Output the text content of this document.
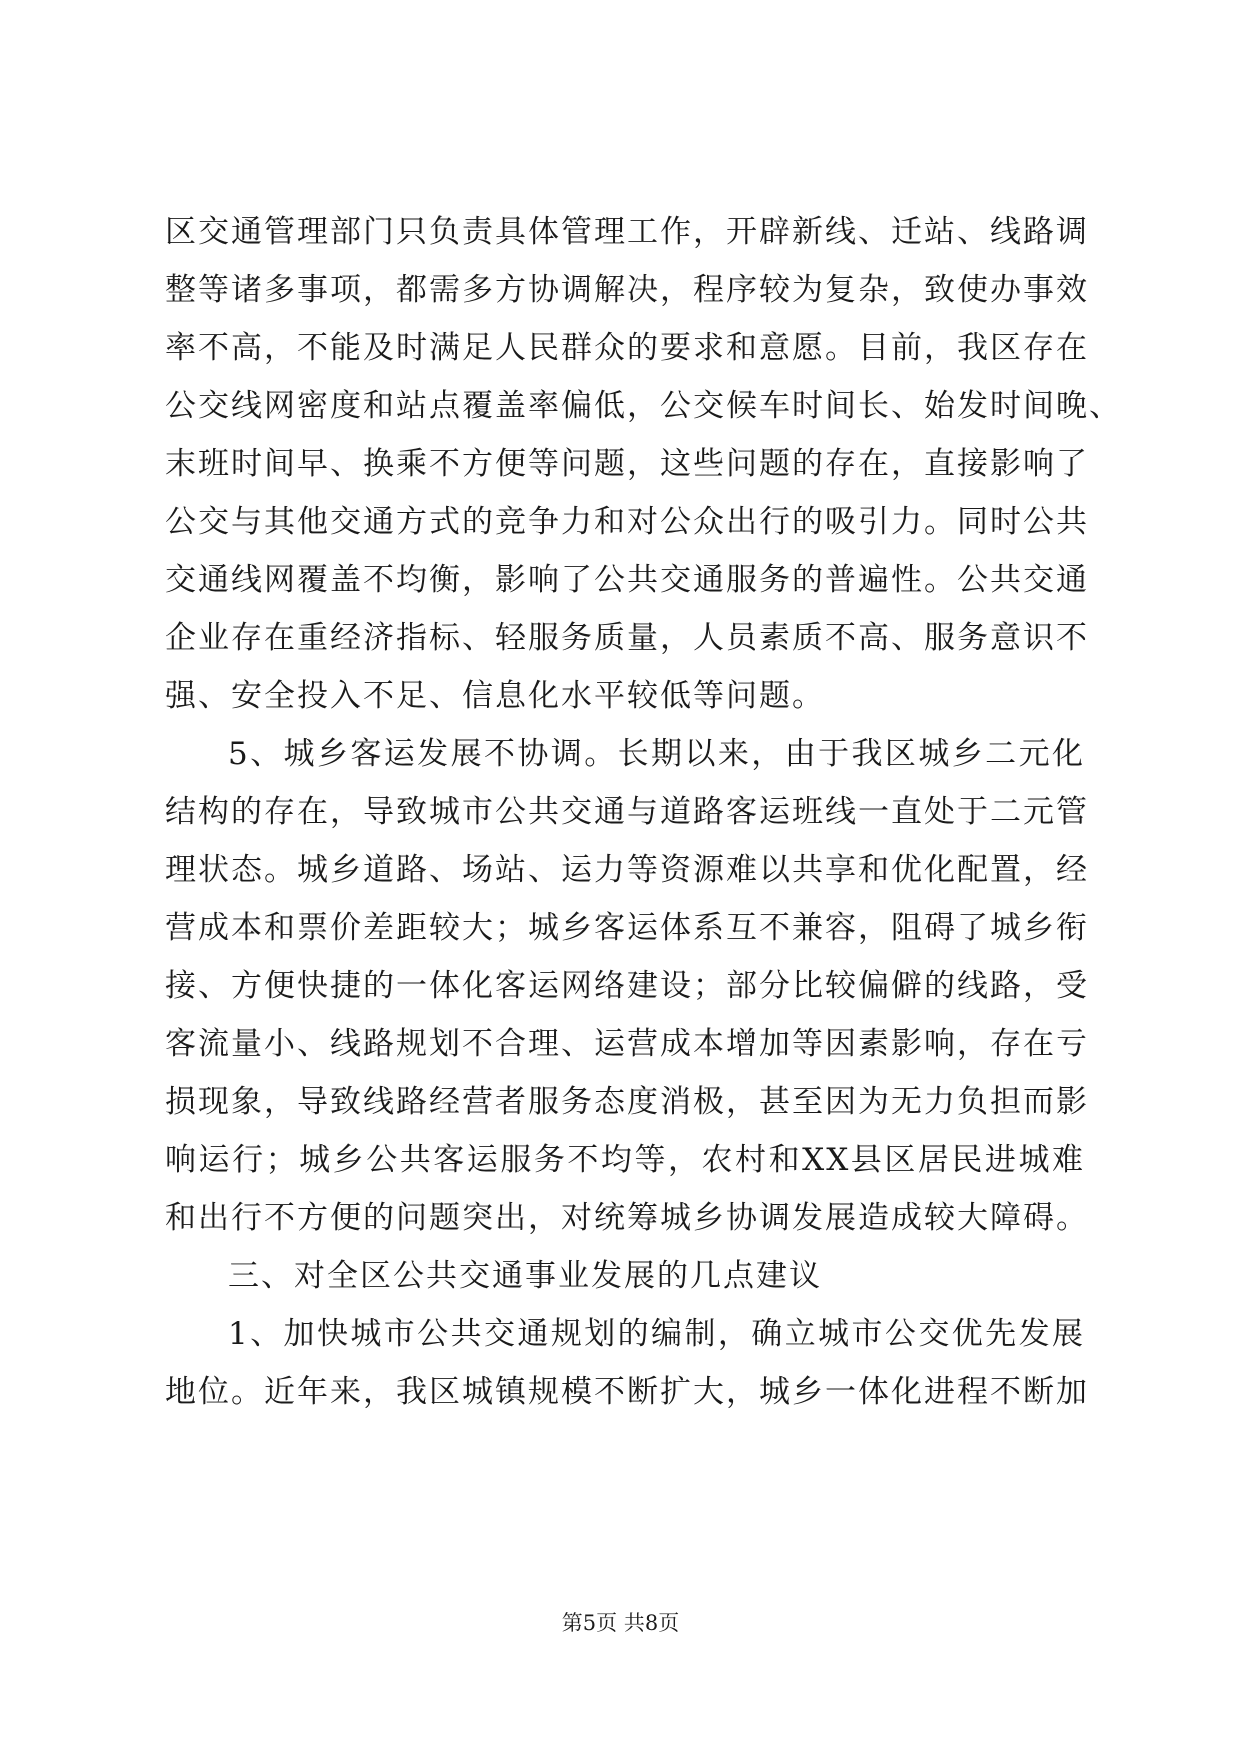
区交通管理部门只负责具体管理工作，开辟新线、迁站、线路调
整等诸多事项，都需多方协调解决，程序较为复杂，致使办事效
率不高，不能及时满足人民群众的要求和意愿。目前，我区存在
公交线网密度和站点覆盖率偏低，公交候车时间长、始发时间晚、
末班时间早、换乘不方便等问题，这些问题的存在，直接影响了
公交与其他交通方式的竞争力和对公众出行的吸引力。同时公共
交通线网覆盖不均衡，影响了公共交通服务的普遍性。公共交通
企业存在重经济指标、轻服务质量，人员素质不高、服务意识不
强、安全投入不足、信息化水平较低等问题。
5、城乡客运发展不协调。长期以来，由于我区城乡二元化
结构的存在，导致城市公共交通与道路客运班线一直处于二元管
理状态。城乡道路、场站、运力等资源难以共享和优化配置，经
营成本和票价差距较大；城乡客运体系互不兼容，阻碍了城乡衔
接、方便快捷的一体化客运网络建设；部分比较偏僻的线路，受
客流量小、线路规划不合理、运营成本增加等因素影响，存在亏
损现象，导致线路经营者服务态度消极，甚至因为无力负担而影
响运行；城乡公共客运服务不均等，农村和XX县区居民进城难
和出行不方便的问题突出，对统筹城乡协调发展造成较大障碍。
三、对全区公共交通事业发展的几点建议
1、加快城市公共交通规划的编制，确立城市公交优先发展
地位。近年来，我区城镇规模不断扩大，城乡一体化进程不断加
第5页 共8页
